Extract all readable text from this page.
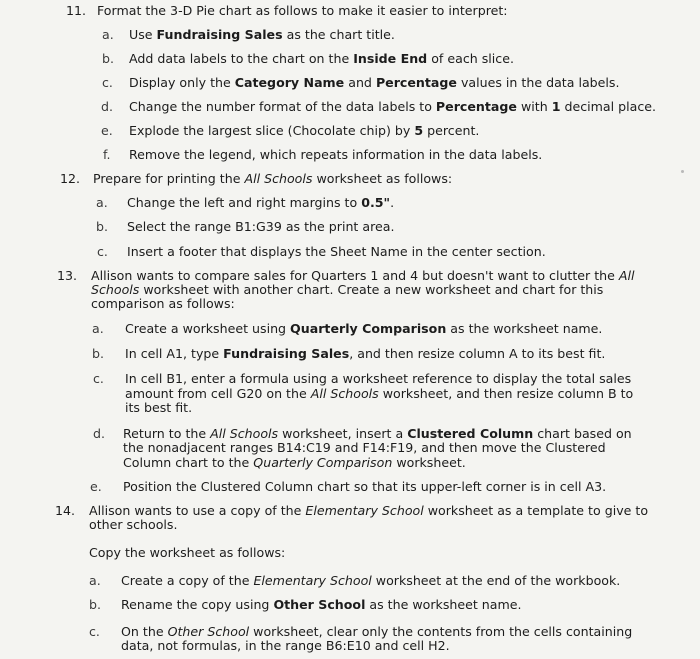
11. Format the 3-D Pie chart as follows to make it easier to interpret:
a. Use Fundraising Sales as the chart title.
b. Add data labels to the chart on the Inside End of each slice.
c. Display only the Category Name and Percentage values in the data labels.
d. Change the number format of the data labels to Percentage with 1 decimal place.
e. Explode the largest slice (Chocolate chip) by 5 percent.
f. Remove the legend, which repeats information in the data labels.
12. Prepare for printing the All Schools worksheet as follows:
a. Change the left and right margins to 0.5".
b. Select the range B1:G39 as the print area.
c. Insert a footer that displays the Sheet Name in the center section.
13. Allison wants to compare sales for Quarters 1 and 4 but doesn't want to clutter the All
Schools worksheet with another chart. Create a new worksheet and chart for this
comparison as follows:
a. Create a worksheet using Quarterly Comparison as the worksheet name.
b. In cell A1, type Fundraising Sales, and then resize column A to its best fit.
c. In cell B1, enter a formula using a worksheet reference to display the total sales
amount from cell G20 on the All Schools worksheet, and then resize column B to
its best fit.
d. Return to the All Schools worksheet, insert a Clustered Column chart based on
the nonadjacent ranges B14:C19 and F14:F19, and then move the Clustered
Column chart to the Quarterly Comparison worksheet.
e. Position the Clustered Column chart so that its upper-left corner is in cell A3.
14. Allison wants to use a copy of the Elementary School worksheet as a template to give to
other schools.
Copy the worksheet as follows:
a. Create a copy of the Elementary School worksheet at the end of the workbook.
b. Rename the copy using Other School as the worksheet name.
c. On the Other School worksheet, clear only the contents from the cells containing
data, not formulas, in the range B6:E10 and cell H2.
